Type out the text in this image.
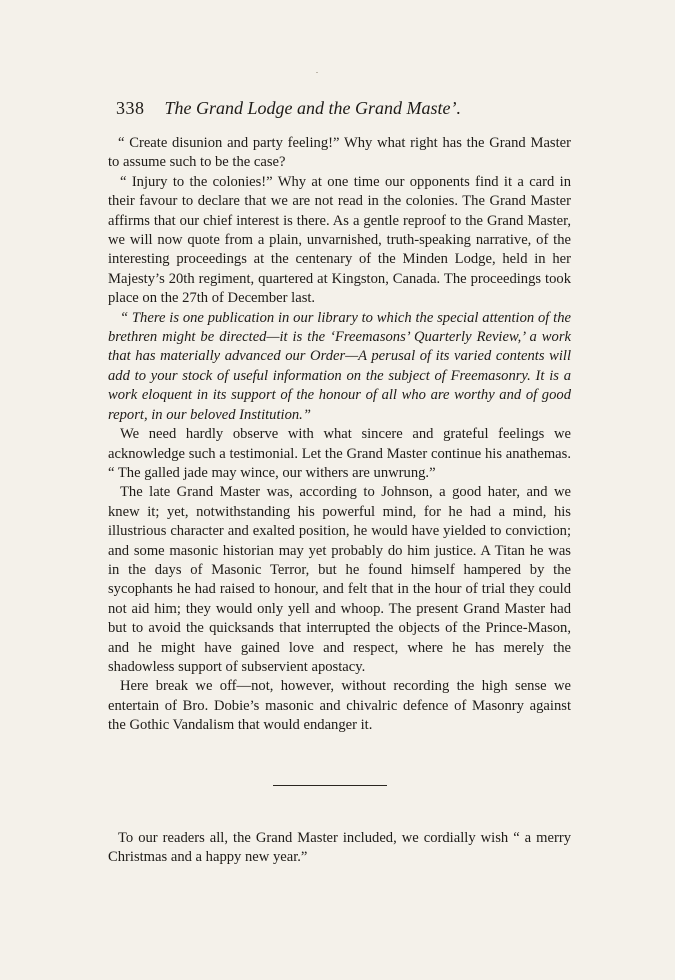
338 The Grand Lodge and the Grand Maste’.

“ Create disunion and party feeling!” Why what right has the Grand Master to assume such to be the case?

“ Injury to the colonies!” Why at one time our opponents find it a card in their favour to declare that we are not read in the colonies. The Grand Master affirms that our chief interest is there. As a gentle reproof to the Grand Master, we will now quote from a plain, unvarnished, truth-speaking narrative, of the interesting proceedings at the centenary of the Minden Lodge, held in her Majesty’s 20th regiment, quartered at Kingston, Canada. The proceedings took place on the 27th of December last.

“ There is one publication in our library to which the special attention of the brethren might be directed—it is the ‘Freemasons’ Quarterly Review,’ a work that has materially advanced our Order—A perusal of its varied contents will add to your stock of useful information on the subject of Freemasonry. It is a work eloquent in its support of the honour of all who are worthy and of good report, in our beloved Institution.”

We need hardly observe with what sincere and grateful feelings we acknowledge such a testimonial. Let the Grand Master continue his anathemas. “ The galled jade may wince, our withers are unwrung.”

The late Grand Master was, according to Johnson, a good hater, and we knew it; yet, notwithstanding his powerful mind, for he had a mind, his illustrious character and exalted position, he would have yielded to conviction; and some masonic historian may yet probably do him justice. A Titan he was in the days of Masonic Terror, but he found himself hampered by the sycophants he had raised to honour, and felt that in the hour of trial they could not aid him; they would only yell and whoop. The present Grand Master had but to avoid the quicksands that interrupted the objects of the Prince-Mason, and he might have gained love and respect, where he has merely the shadowless support of subservient apostacy.

Here break we off—not, however, without recording the high sense we entertain of Bro. Dobie’s masonic and chivalric defence of Masonry against the Gothic Vandalism that would endanger it.

To our readers all, the Grand Master included, we cordially wish “ a merry Christmas and a happy new year.”
